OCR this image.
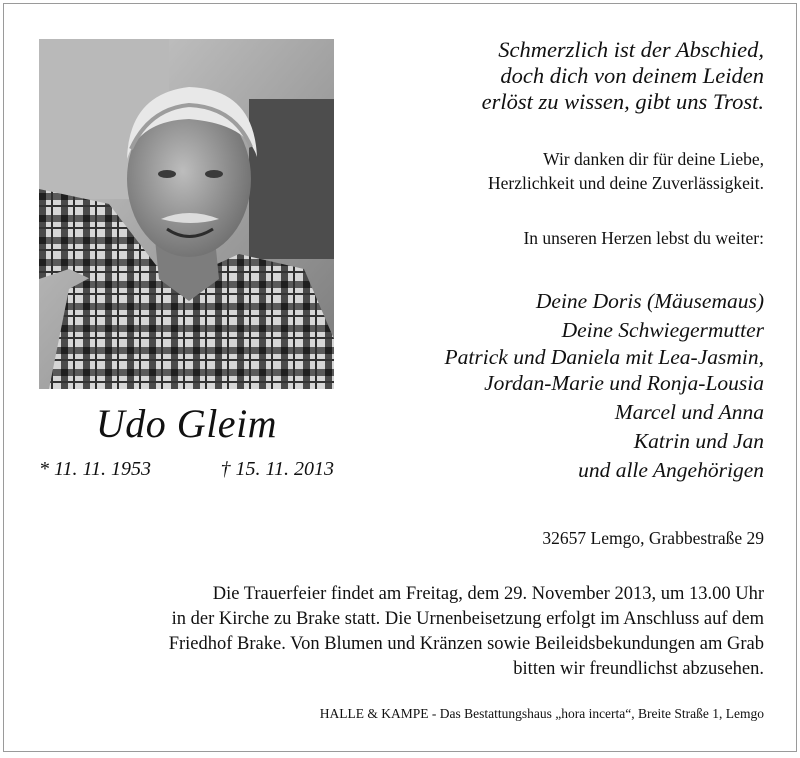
Udo Gleim
* 11. 11. 1953	† 15. 11. 2013
Schmerzlich ist der Abschied,
doch dich von deinem Leiden
erlöst zu wissen, gibt uns Trost.
Wir danken dir für deine Liebe,
Herzlichkeit und deine Zuverlässigkeit.
In unseren Herzen lebst du weiter:
Deine Doris (Mäusemaus)
Deine Schwiegermutter
Patrick und Daniela mit Lea-Jasmin,
Jordan-Marie und Ronja-Lousia
Marcel und Anna
Katrin und Jan
und alle Angehörigen
32657 Lemgo, Grabbestraße 29
Die Trauerfeier findet am Freitag, dem 29. November 2013, um 13.00 Uhr
in der Kirche zu Brake statt. Die Urnenbeisetzung erfolgt im Anschluss auf dem
Friedhof Brake. Von Blumen und Kränzen sowie Beileidsbekundungen am Grab
bitten wir freundlichst abzusehen.
HALLE & KAMPE - Das Bestattungshaus „hora incerta“, Breite Straße 1, Lemgo
